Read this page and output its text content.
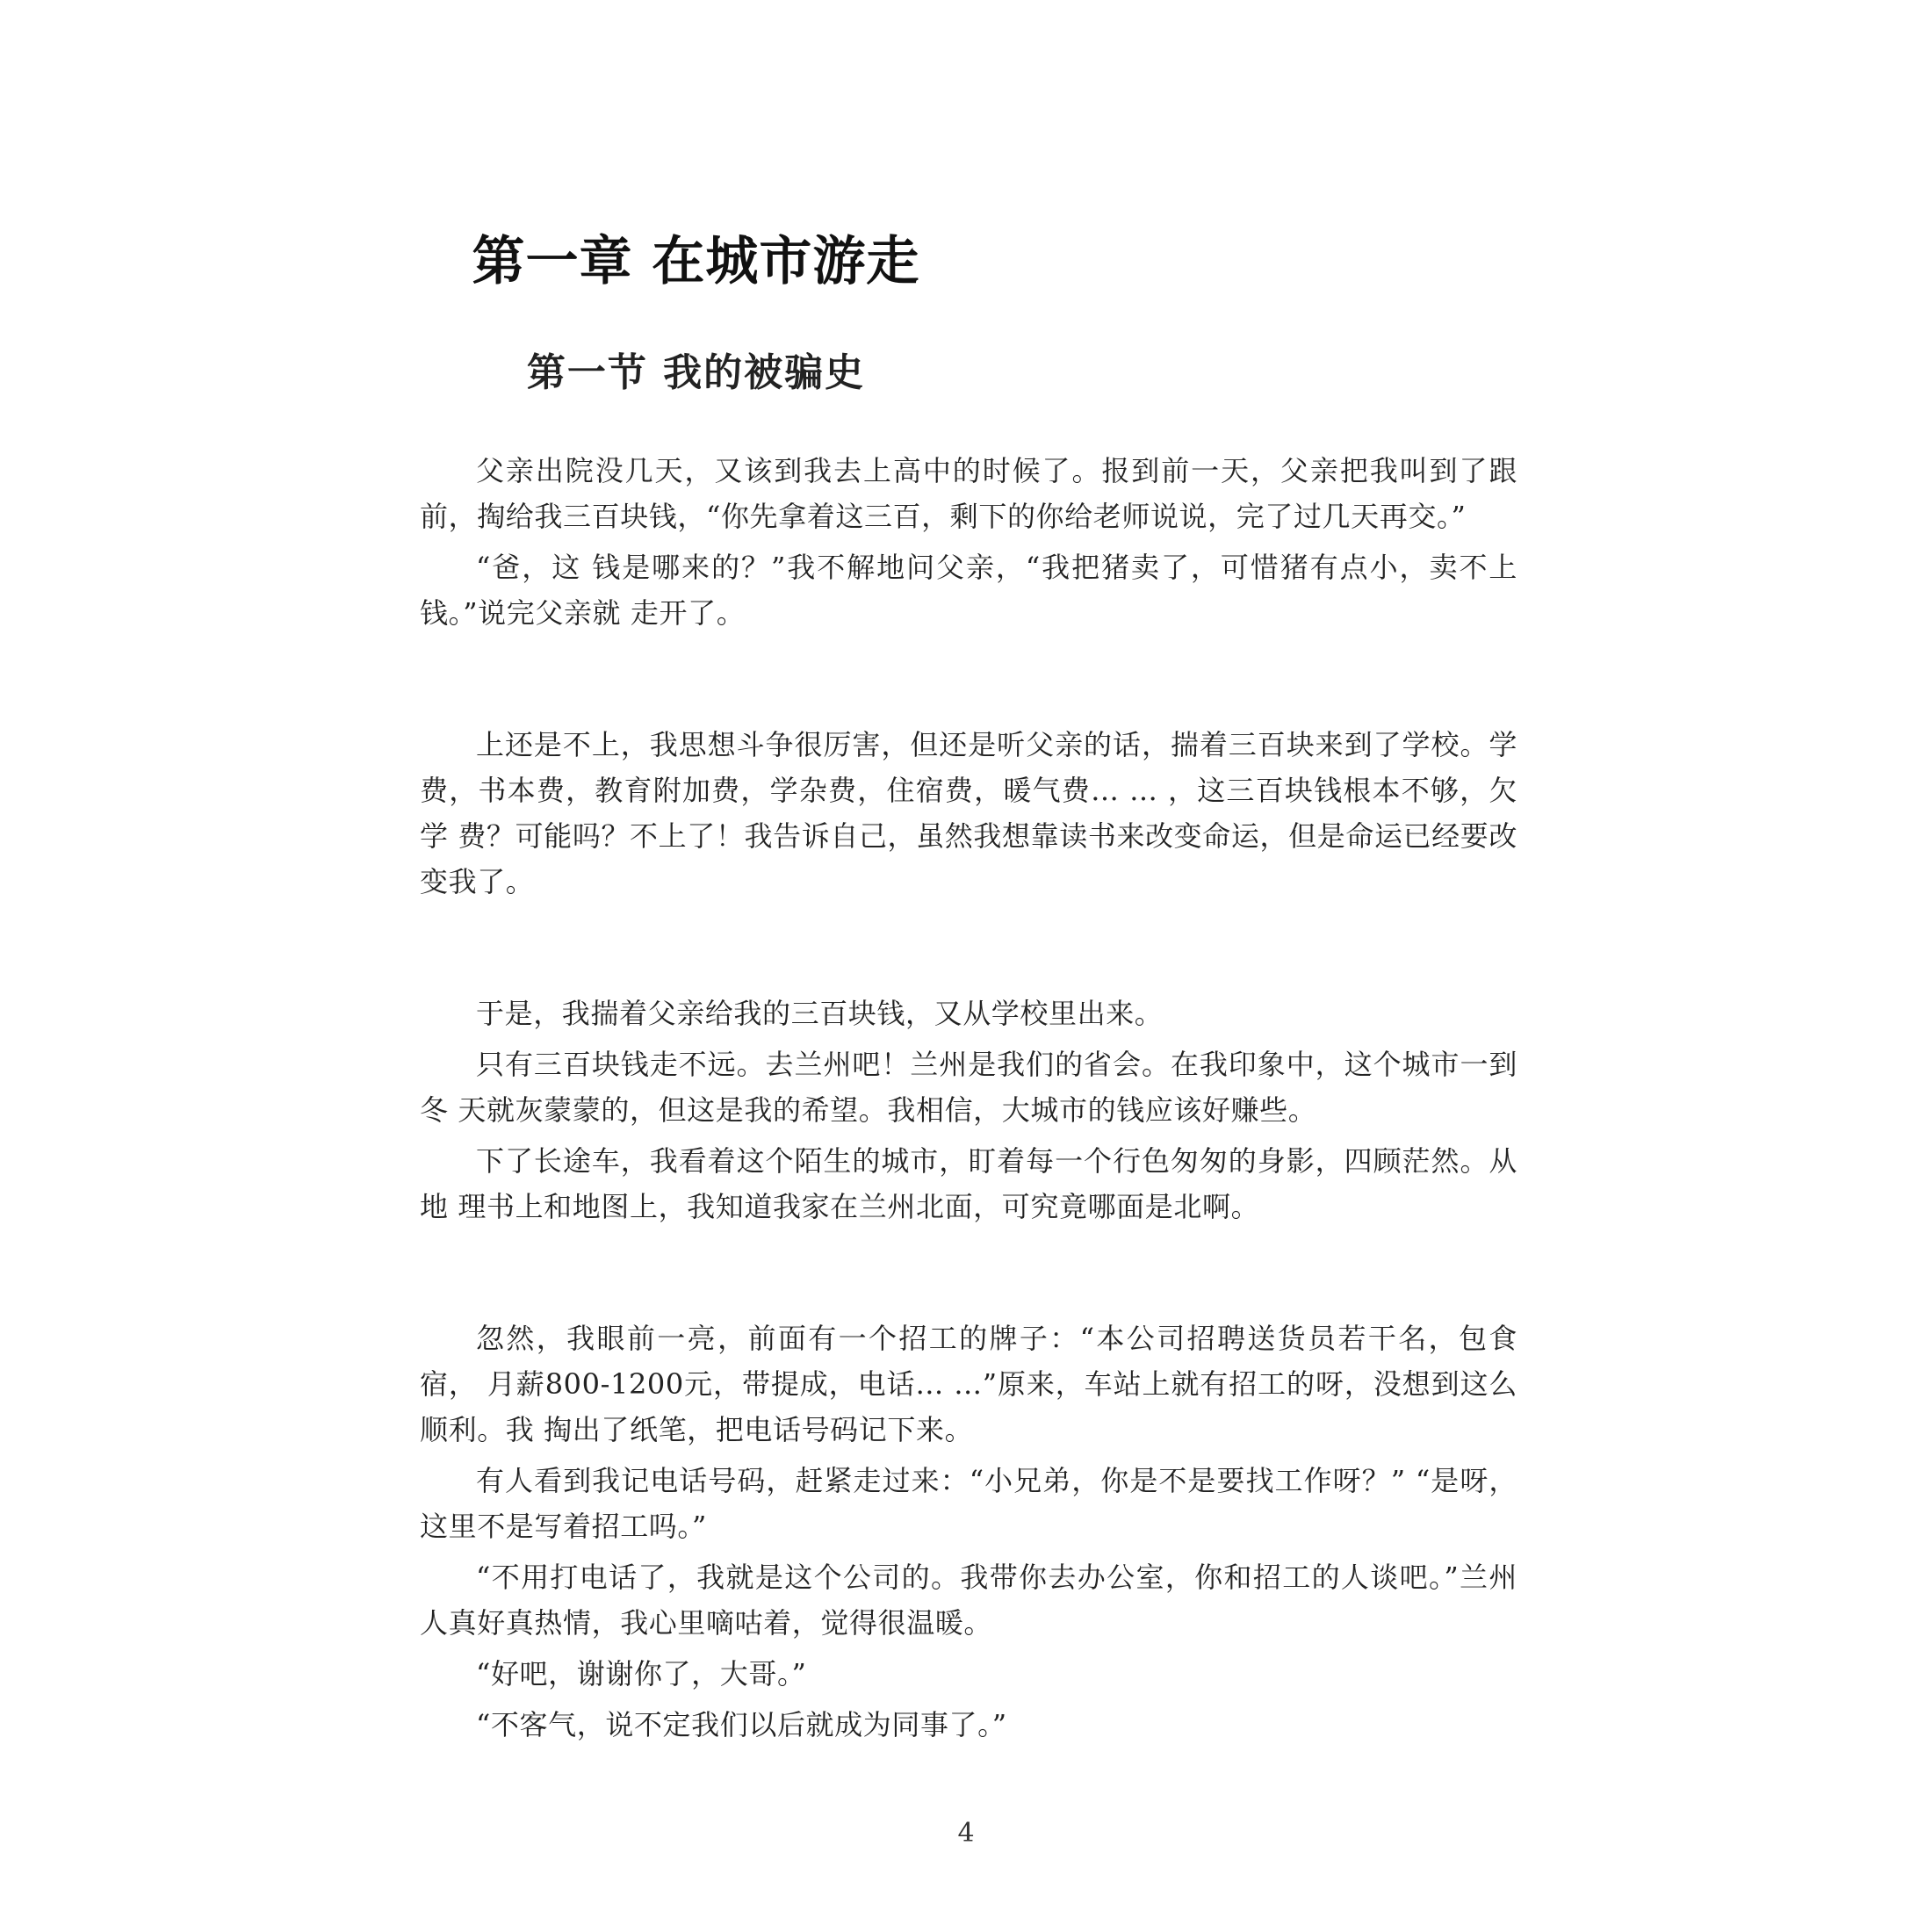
第一章 在城市游走
第一节 我的被骗史

父亲出院没几天，又该到我去上高中的时候了。报到前一天，父亲把我叫到了跟前，掏给我三百块钱，“你先拿着这三百，剩下的你给老师说说，完了过几天再交。”

“爸，这 钱是哪来的？”我不解地问父亲，“我把猪卖了，可惜猪有点小，卖不上钱。”说完父亲就 走开了。

上还是不上，我思想斗争很厉害，但还是听父亲的话，揣着三百块来到了学校。学费，书本费，教育附加费，学杂费，住宿费，暖气费… … ，这三百块钱根本不够，欠学 费？可能吗？不上了！我告诉自己，虽然我想靠读书来改变命运，但是命运已经要改变我了。

于是，我揣着父亲给我的三百块钱，又从学校里出来。

只有三百块钱走不远。去兰州吧！兰州是我们的省会。在我印象中，这个城市一到冬 天就灰蒙蒙的，但这是我的希望。我相信，大城市的钱应该好赚些。

下了长途车，我看着这个陌生的城市，盯着每一个行色匆匆的身影，四顾茫然。从地 理书上和地图上，我知道我家在兰州北面，可究竟哪面是北啊。

忽然，我眼前一亮，前面有一个招工的牌子：“本公司招聘送货员若干名，包食宿， 月薪800-1200元，带提成，电话… …”原来，车站上就有招工的呀，没想到这么顺利。我 掏出了纸笔，把电话号码记下来。

有人看到我记电话号码，赶紧走过来：“小兄弟，你是不是要找工作呀？” “是呀，这里不是写着招工吗。”

“不用打电话了，我就是这个公司的。我带你去办公室，你和招工的人谈吧。”兰州人真好真热情，我心里嘀咕着，觉得很温暖。

“好吧，谢谢你了，大哥。”

“不客气，说不定我们以后就成为同事了。”

4
